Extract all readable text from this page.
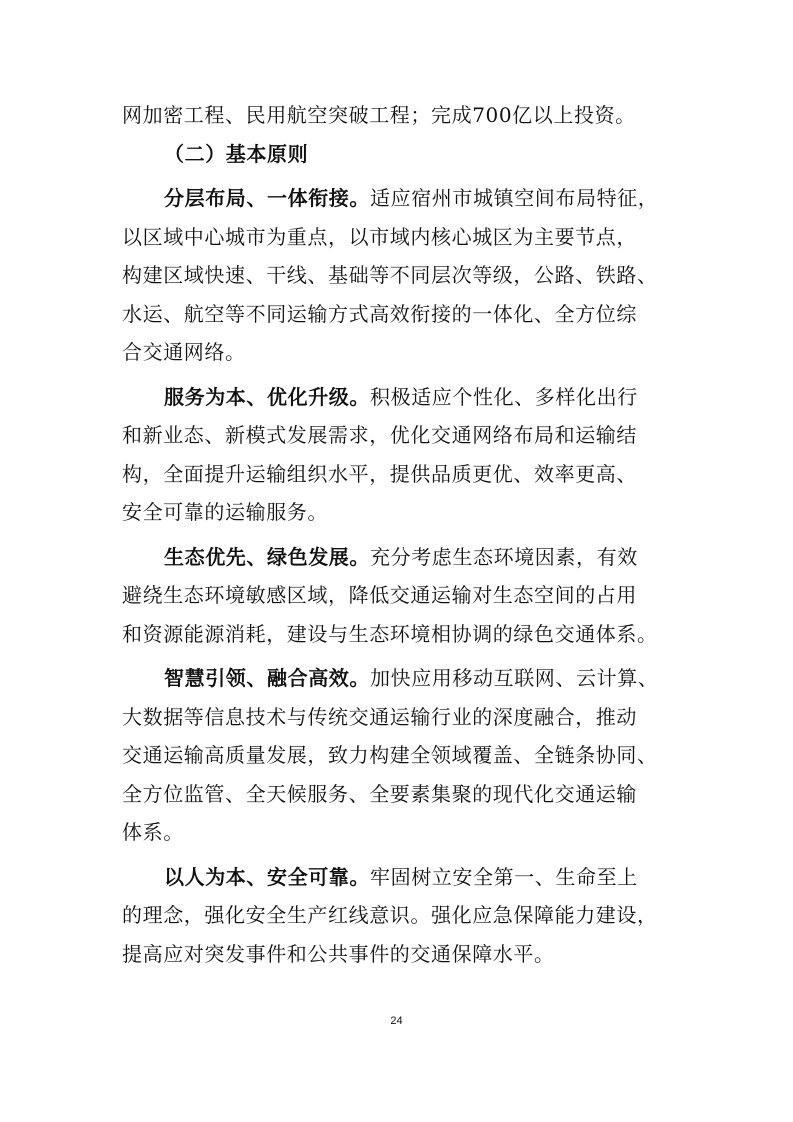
网加密工程、民用航空突破工程；完成700亿以上投资。
（二）基本原则
分层布局、一体衔接。适应宿州市城镇空间布局特征，
以区域中心城市为重点，以市域内核心城区为主要节点，
构建区域快速、干线、基础等不同层次等级，公路、铁路、
水运、航空等不同运输方式高效衔接的一体化、全方位综
合交通网络。
服务为本、优化升级。积极适应个性化、多样化出行
和新业态、新模式发展需求，优化交通网络布局和运输结
构，全面提升运输组织水平，提供品质更优、效率更高、
安全可靠的运输服务。
生态优先、绿色发展。充分考虑生态环境因素，有效
避绕生态环境敏感区域，降低交通运输对生态空间的占用
和资源能源消耗，建设与生态环境相协调的绿色交通体系。
智慧引领、融合高效。加快应用移动互联网、云计算、
大数据等信息技术与传统交通运输行业的深度融合，推动
交通运输高质量发展，致力构建全领域覆盖、全链条协同、
全方位监管、全天候服务、全要素集聚的现代化交通运输
体系。
以人为本、安全可靠。牢固树立安全第一、生命至上
的理念，强化安全生产红线意识。强化应急保障能力建设，
提高应对突发事件和公共事件的交通保障水平。
24
